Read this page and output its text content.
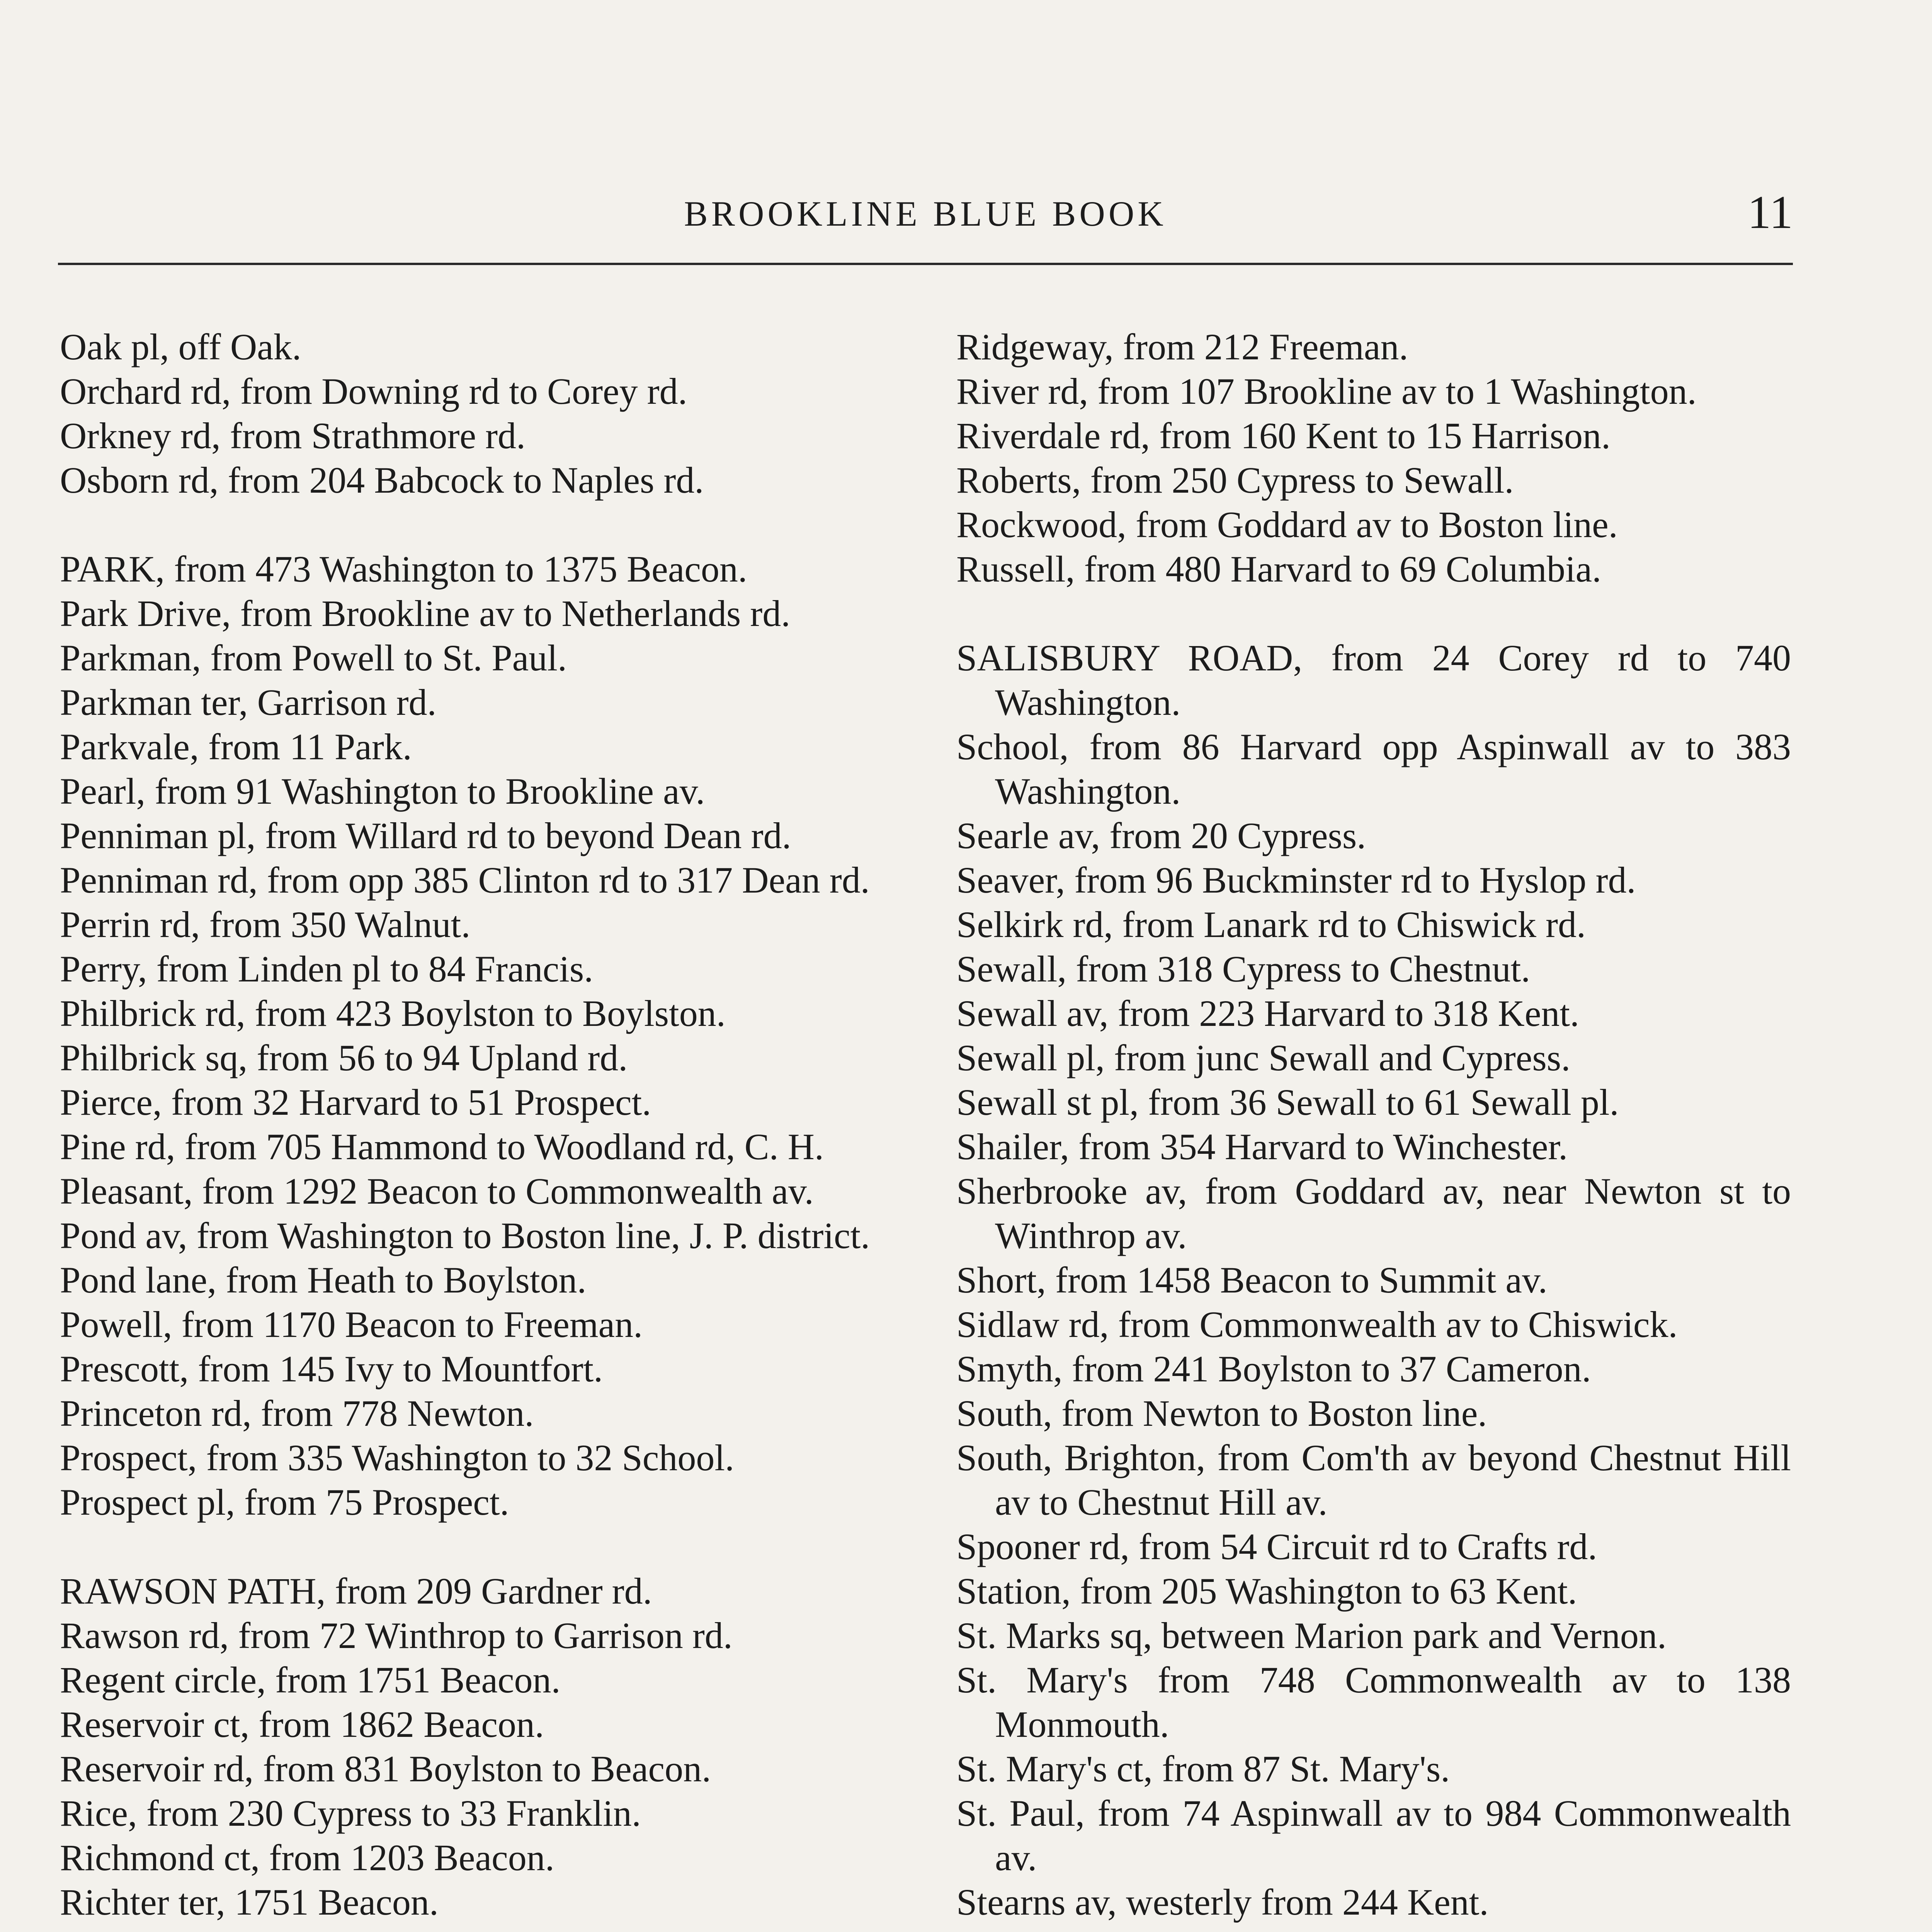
BROOKLINE BLUE BOOK	11
Oak pl, off Oak.
Orchard rd, from Downing rd to Corey rd.
Orkney rd, from Strathmore rd.
Osborn rd, from 204 Babcock to Naples rd.
PARK, from 473 Washington to 1375 Beacon.
Park Drive, from Brookline av to Netherlands rd.
Parkman, from Powell to St. Paul.
Parkman ter, Garrison rd.
Parkvale, from 11 Park.
Pearl, from 91 Washington to Brookline av.
Penniman pl, from Willard rd to beyond Dean rd.
Penniman rd, from opp 385 Clinton rd to 317 Dean rd.
Perrin rd, from 350 Walnut.
Perry, from Linden pl to 84 Francis.
Philbrick rd, from 423 Boylston to Boylston.
Philbrick sq, from 56 to 94 Upland rd.
Pierce, from 32 Harvard to 51 Prospect.
Pine rd, from 705 Hammond to Woodland rd, C. H.
Pleasant, from 1292 Beacon to Commonwealth av.
Pond av, from Washington to Boston line, J. P. district.
Pond lane, from Heath to Boylston.
Powell, from 1170 Beacon to Freeman.
Prescott, from 145 Ivy to Mountfort.
Princeton rd, from 778 Newton.
Prospect, from 335 Washington to 32 School.
Prospect pl, from 75 Prospect.
RAWSON PATH, from 209 Gardner rd.
Rawson rd, from 72 Winthrop to Garrison rd.
Regent circle, from 1751 Beacon.
Reservoir ct, from 1862 Beacon.
Reservoir rd, from 831 Boylston to Beacon.
Rice, from 230 Cypress to 33 Franklin.
Richmond ct, from 1203 Beacon.
Richter ter, 1751 Beacon.
Ridgeway, from 212 Freeman.
River rd, from 107 Brookline av to 1 Washington.
Riverdale rd, from 160 Kent to 15 Harrison.
Roberts, from 250 Cypress to Sewall.
Rockwood, from Goddard av to Boston line.
Russell, from 480 Harvard to 69 Columbia.
SALISBURY ROAD, from 24 Corey rd to 740 Washington.
School, from 86 Harvard opp Aspinwall av to 383 Washington.
Searle av, from 20 Cypress.
Seaver, from 96 Buckminster rd to Hyslop rd.
Selkirk rd, from Lanark rd to Chiswick rd.
Sewall, from 318 Cypress to Chestnut.
Sewall av, from 223 Harvard to 318 Kent.
Sewall pl, from junc Sewall and Cypress.
Sewall st pl, from 36 Sewall to 61 Sewall pl.
Shailer, from 354 Harvard to Winchester.
Sherbrooke av, from Goddard av, near Newton st to Winthrop av.
Short, from 1458 Beacon to Summit av.
Sidlaw rd, from Commonwealth av to Chiswick.
Smyth, from 241 Boylston to 37 Cameron.
South, from Newton to Boston line.
South, Brighton, from Com'th av beyond Chestnut Hill av to Chestnut Hill av.
Spooner rd, from 54 Circuit rd to Crafts rd.
Station, from 205 Washington to 63 Kent.
St. Marks sq, between Marion park and Vernon.
St. Mary's from 748 Commonwealth av to 138 Monmouth.
St. Mary's ct, from 87 St. Mary's.
St. Paul, from 74 Aspinwall av to 984 Commonwealth av.
Stearns av, westerly from 244 Kent.
